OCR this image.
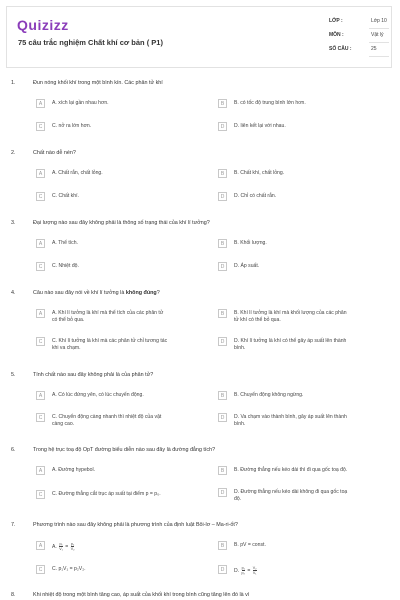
Quizizz
75 câu trắc nghiệm Chất khí cơ bản ( P1)
LỚP :	Lớp 10
MÔN :	Vật lý
SỐ CÂU :	25
1.	Đun nóng khối khí trong một bình kín. Các phân tử khí
A	A. xích lại gần nhau hơn.	B	B. có tốc độ trung bình lớn hơn.
C	C. nở ra lớn hơn.	D	D. liên kết lại với nhau.
2.	Chất nào dễ nén?
A	A. Chất rắn, chất lỏng.	B	B. Chất khí, chất lỏng.
C	C. Chất khí.	D	D. Chỉ có chất rắn.
3.	Đại lượng nào sau đây không phải là thông số trạng thái của khí lí tưởng?
A	A. Thể tích.	B	B. Khối lượng.
C	C. Nhiệt độ.	D	D. Áp suất.
4.	Câu nào sau đây nói về khí lí tưởng là không đúng?
A	A. Khí lí tưởng là khí mà thể tích của các phân tử
có thể bỏ qua.
B	B. Khí lí tưởng là khí mà khối lượng của các phân
tử khí có thể bỏ qua.
C	C. Khí lí tưởng là khí mà các phân tử chỉ tương tác
khi va chạm.
D	D. Khí lí tưởng là khí có thể gây áp suất lên thành
bình.
5.	Tính chất nào sau đây không phải là của phân tử?
A	A. Có lúc đứng yên, có lúc chuyển động.	B	B. Chuyển động không ngừng.
C	C. Chuyển động càng nhanh thì nhiệt độ của vật
càng cao.
D	D. Va chạm vào thành bình, gây áp suất lên thành
bình.
6.	Trong hệ trục toạ độ OpT đường biểu diễn nào sau đây là đường đẳng tích?
A	A. Đường hypebol.	B	B. Đường thẳng nếu kéo dài thì đi qua gốc toạ độ.
C	C. Đường thẳng cắt trục áp suất tại điểm p = p₀.	D	D. Đường thẳng nếu kéo dài không đi qua gốc toạ
độ.
7.	Phương trình nào sau đây không phải là phương trình của định luật Bôi-lơ – Ma-ri-ốt?
A	A. $\frac{\text{p₁}}{\text{V₁}} = \frac{\text{p₂}}{\text{V₂}}$	B	B. pV = const.
C	C. p₁V₁ = p₂V₂.	D	D. $\frac{\text{p₁}}{\text{p₂}} = \frac{\text{V₂}}{\text{V₁}}$
8.	Khi nhiệt độ trong một bình tăng cao, áp suất của khối khí trong bình cũng tăng lên đó là vì
